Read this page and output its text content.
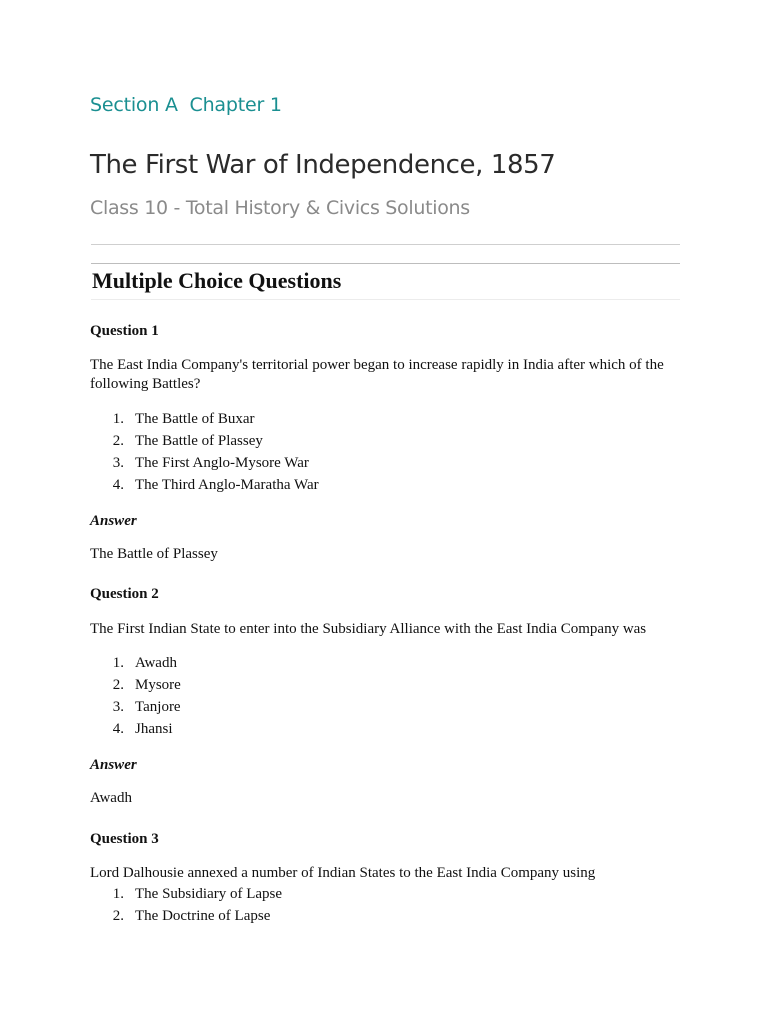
Section A  Chapter 1
The First War of Independence, 1857
Class 10 - Total History & Civics Solutions
Multiple Choice Questions
Question 1
The East India Company's territorial power began to increase rapidly in India after which of the following Battles?
1. The Battle of Buxar
2. The Battle of Plassey
3. The First Anglo-Mysore War
4. The Third Anglo-Maratha War
Answer
The Battle of Plassey
Question 2
The First Indian State to enter into the Subsidiary Alliance with the East India Company was
1. Awadh
2. Mysore
3. Tanjore
4. Jhansi
Answer
Awadh
Question 3
Lord Dalhousie annexed a number of Indian States to the East India Company using
1. The Subsidiary of Lapse
2. The Doctrine of Lapse
